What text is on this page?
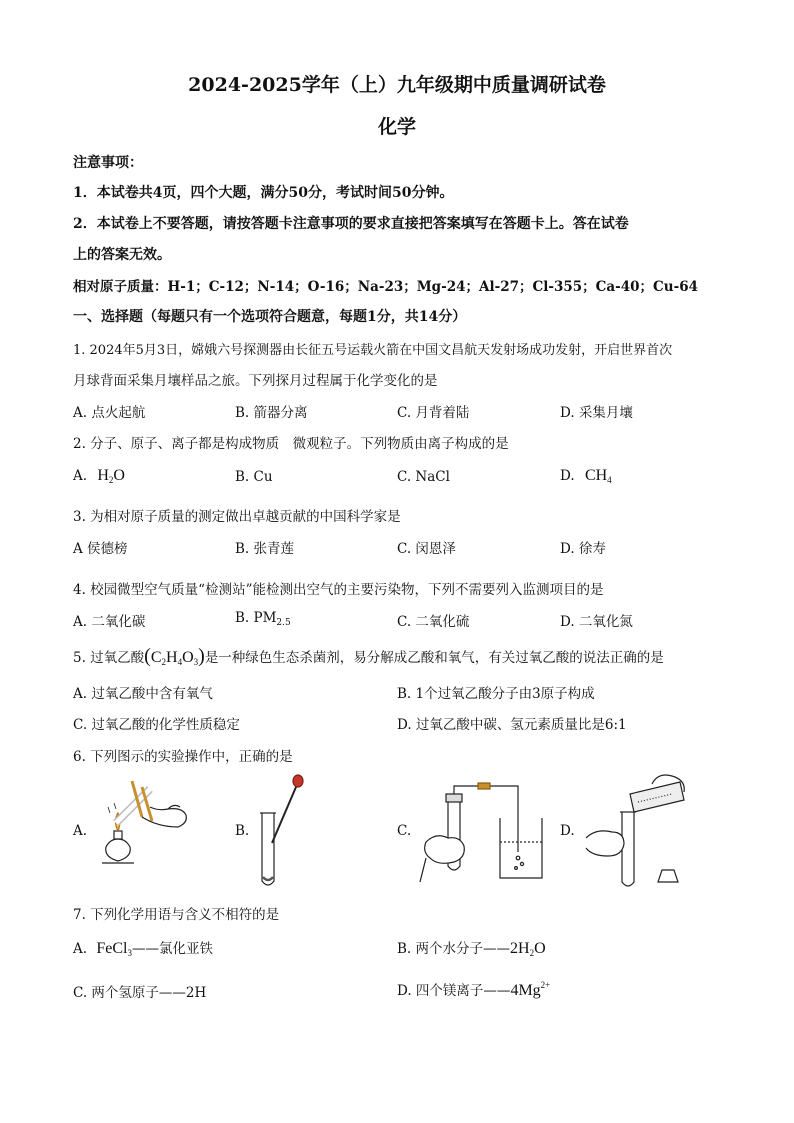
2024-2025学年（上）九年级期中质量调研试卷
化学
注意事项：
1．本试卷共4页，四个大题，满分50分，考试时间50分钟。
2．本试卷上不要答题，请按答题卡注意事项的要求直接把答案填写在答题卡上。答在试卷
上的答案无效。
相对原子质量：H-1；C-12；N-14；O-16；Na-23；Mg-24；Al-27；Cl-355；Ca-40；Cu-64
一、选择题（每题只有一个选项符合题意，每题1分，共14分）
1. 2024年5月3日，嫦娥六号探测器由长征五号运载火箭在中国文昌航天发射场成功发射，开启世界首次
月球背面采集月壤样品之旅。下列探月过程属于化学变化的是
A. 点火起航	B. 箭器分离	C. 月背着陆	D. 采集月壤
2. 分子、原子、离子都是构成物质　微观粒子。下列物质由离子构成的是
A. $H_2O$	B. Cu	C. NaCl	D. $CH_4$
3. 为相对原子质量的测定做出卓越贡献的中国科学家是
A 侯德榜	B. 张青莲	C. 闵恩泽	D. 徐寿
4. 校园微型空气质量“检测站”能检测出空气的主要污染物，下列不需要列入监测项目的是
A. 二氧化碳	B. $PM_{2.5}$	C. 二氧化硫	D. 二氧化氮
5. 过氧乙酸$(C_2H_4O_3)$是一种绿色生态杀菌剂，易分解成乙酸和氧气，有关过氧乙酸的说法正确的是
A. 过氧乙酸中含有氧气	B. 1个过氧乙酸分子由3原子构成
C. 过氧乙酸的化学性质稳定	D. 过氧乙酸中碳、氢元素质量比是6:1
6. 下列图示的实验操作中，正确的是
A.	B.	C.	D.
7. 下列化学用语与含义不相符的是
A. FeCl$_3$——氯化亚铁	B. 两个水分子$——2H_2O$
C. 两个氢原子——2H	D. 四个镁离子$——4Mg^{2+}$
